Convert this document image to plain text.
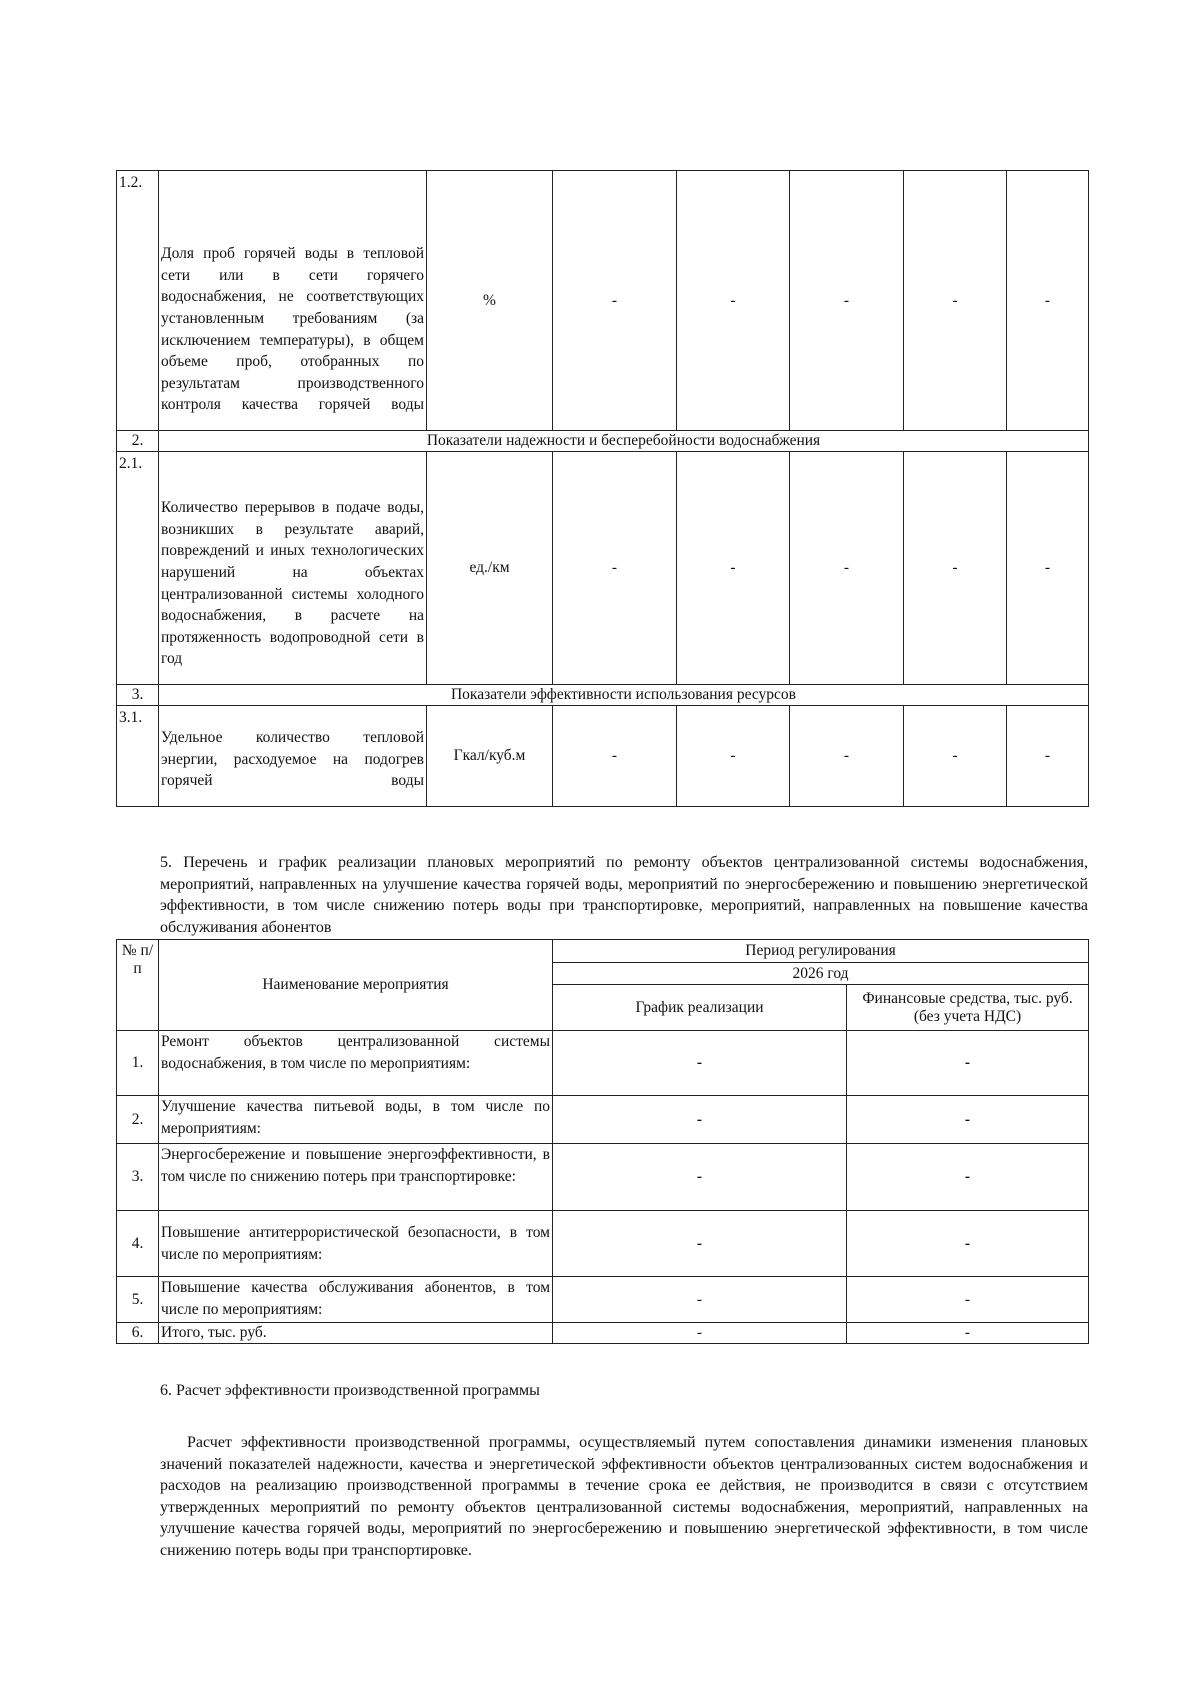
1.2.	Доля проб горячей воды в тепловой сети или в сети горячего водоснабжения, не соответствующих установленным требованиям (за исключением температуры), в общем объеме проб, отобранных по результатам производственного контроля качества горячей воды	%	-	-	-	-	-
2.	Показатели надежности и бесперебойности водоснабжения						
2.1.	Количество перерывов в подаче воды, возникших в результате аварий, повреждений и иных технологических нарушений на объектах централизованной системы холодного водоснабжения, в расчете на протяженность водопроводной сети в год	ед./км	-	-	-	-	-
3.	Показатели эффективности использования ресурсов						
3.1.	Удельное количество тепловой энергии, расходуемое на подогрев горячей воды	Гкал/куб.м	-	-	-	-	-
5. Перечень и график реализации плановых мероприятий по ремонту объектов централизованной системы водоснабжения, мероприятий, направленных на улучшение качества горячей воды, мероприятий по энергосбережению и повышению энергетической эффективности, в том числе снижению потерь воды при транспортировке, мероприятий, направленных на повышение качества обслуживания абонентов
№ п/п	Наименование мероприятия	Период регулирования	
		2026 год	
		График реализации	Финансовые средства, тыс. руб. (без учета НДС)
1.	Ремонт объектов централизованной системы водоснабжения, в том числе по мероприятиям:	-	-
2.	Улучшение качества питьевой воды, в том числе по мероприятиям:	-	-
3.	Энергосбережение и повышение энергоэффективности, в том числе по снижению потерь при транспортировке:	-	-
4.	Повышение антитеррористической безопасности, в том числе по мероприятиям:	-	-
5.	Повышение качества обслуживания абонентов, в том числе по мероприятиям:	-	-
6.	Итого, тыс. руб.	-	-
6. Расчет эффективности производственной программы
Расчет эффективности производственной программы, осуществляемый путем сопоставления динамики изменения плановых значений показателей надежности, качества и энергетической эффективности объектов централизованных систем водоснабжения и расходов на реализацию производственной программы в течение срока ее действия, не производится в связи с отсутствием утвержденных мероприятий по ремонту объектов централизованной системы водоснабжения, мероприятий, направленных на улучшение качества горячей воды, мероприятий по энергосбережению и повышению энергетической эффективности, в том числе снижению потерь воды при транспортировке.
